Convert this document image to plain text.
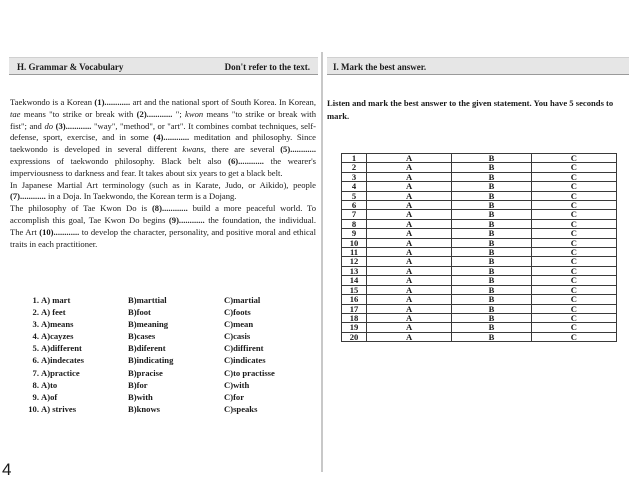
H. Grammar & Vocabulary	Don't refer to the text.	I. Mark the best answer.

Taekwondo is a Korean (1)............ art and the national sport of South Korea. In Korean, tae means "to strike or break with (2)............ "; kwon means "to strike or break with fist"; and do (3)............ "way", "method", or "art". It combines combat techniques, self-defense, sport, exercise, and in some (4)............ meditation and philosophy. Since taekwondo is developed in several different kwans, there are several (5)............ expressions of taekwondo philosophy. Black belt also (6)............ the wearer's imperviousness to darkness and fear. It takes about six years to get a black belt.

In Japanese Martial Art terminology (such as in Karate, Judo, or Aikido), people (7)............ in a Doja. In Taekwondo, the Korean term is a Dojang.

The philosophy of Tae Kwon Do is (8)............ build a more peaceful world. To accomplish this goal, Tae Kwon Do begins (9)............ the foundation, the individual. The Art (10)............ to develop the character, personality, and positive moral and ethical traits in each practitioner.

1. A) mart	B)marttial	C)martial
2. A) feet	B)foot	C)foots
3. A)means	B)meaning	C)mean
4. A)cayzes	B)cases	C)casis
5. A)different	B)diferent	C)diffirent
6. A)indecates	B)indicating	C)indicates
7. A)practice	B)pracise	C)to practisse
8. A)to	B)for	C)with
9. A)of	B)with	C)for
10. A) strives	B)knows	C)speaks
Listen and mark the best answer to the given statement. You have 5 seconds to mark.
1	A	B	C
2	A	B	C
3	A	B	C
4	A	B	C
5	A	B	C
6	A	B	C
7	A	B	C
8	A	B	C
9	A	B	C
10	A	B	C
11	A	B	C
12	A	B	C
13	A	B	C
14	A	B	C
15	A	B	C
16	A	B	C
17	A	B	C
18	A	B	C
19	A	B	C
20	A	B	C
4
